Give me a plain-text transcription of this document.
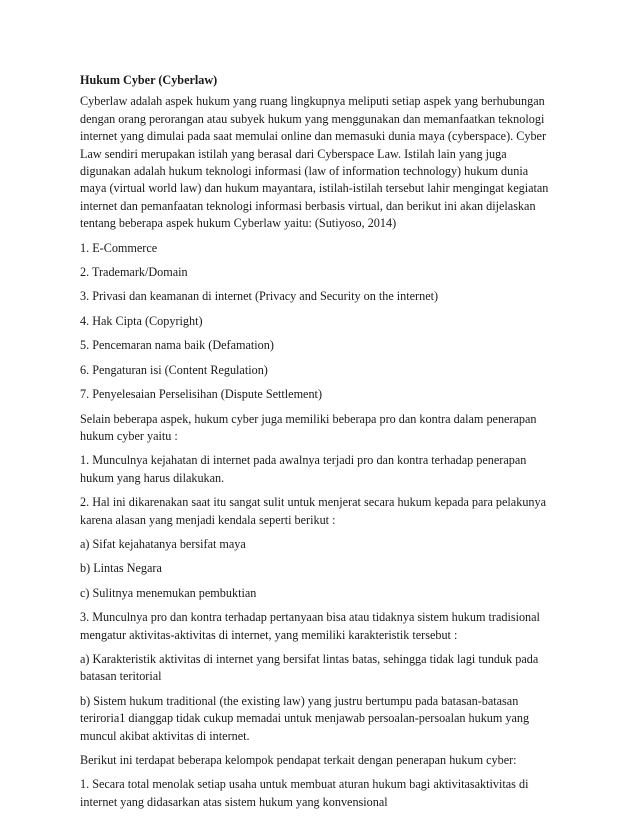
Hukum Cyber (Cyberlaw)
Cyberlaw adalah aspek hukum yang ruang lingkupnya meliputi setiap aspek yang berhubungan
dengan orang perorangan atau subyek hukum yang menggunakan dan memanfaatkan teknologi
internet yang dimulai pada saat memulai online dan memasuki dunia maya (cyberspace). Cyber
Law sendiri merupakan istilah yang berasal dari Cyberspace Law. Istilah lain yang juga
digunakan adalah hukum teknologi informasi (law of information technology) hukum dunia
maya (virtual world law) dan hukum mayantara, istilah-istilah tersebut lahir mengingat kegiatan
internet dan pemanfaatan teknologi informasi berbasis virtual, dan berikut ini akan dijelaskan
tentang beberapa aspek hukum Cyberlaw yaitu: (Sutiyoso, 2014)
1. E-Commerce
2. Trademark/Domain
3. Privasi dan keamanan di internet (Privacy and Security on the internet)
4. Hak Cipta (Copyright)
5. Pencemaran nama baik (Defamation)
6. Pengaturan isi (Content Regulation)
7. Penyelesaian Perselisihan (Dispute Settlement)
Selain beberapa aspek, hukum cyber juga memiliki beberapa pro dan kontra dalam penerapan
hukum cyber yaitu :
1. Munculnya kejahatan di internet pada awalnya terjadi pro dan kontra terhadap penerapan
hukum yang harus dilakukan.
2. Hal ini dikarenakan saat itu sangat sulit untuk menjerat secara hukum kepada para pelakunya
karena alasan yang menjadi kendala seperti berikut :
a) Sifat kejahatanya bersifat maya
b) Lintas Negara
c) Sulitnya menemukan pembuktian
3. Munculnya pro dan kontra terhadap pertanyaan bisa atau tidaknya sistem hukum tradisional
mengatur aktivitas-aktivitas di internet, yang memiliki karakteristik tersebut :
a) Karakteristik aktivitas di internet yang bersifat lintas batas, sehingga tidak lagi tunduk pada
batasan teritorial
b) Sistem hukum traditional (the existing law) yang justru bertumpu pada batasan-batasan
teriroria1 dianggap tidak cukup memadai untuk menjawab persoalan-persoalan hukum yang
muncul akibat aktivitas di internet.
Berikut ini terdapat beberapa kelompok pendapat terkait dengan penerapan hukum cyber:
1. Secara total menolak setiap usaha untuk membuat aturan hukum bagi aktivitasaktivitas di
internet yang didasarkan atas sistem hukum yang konvensional
